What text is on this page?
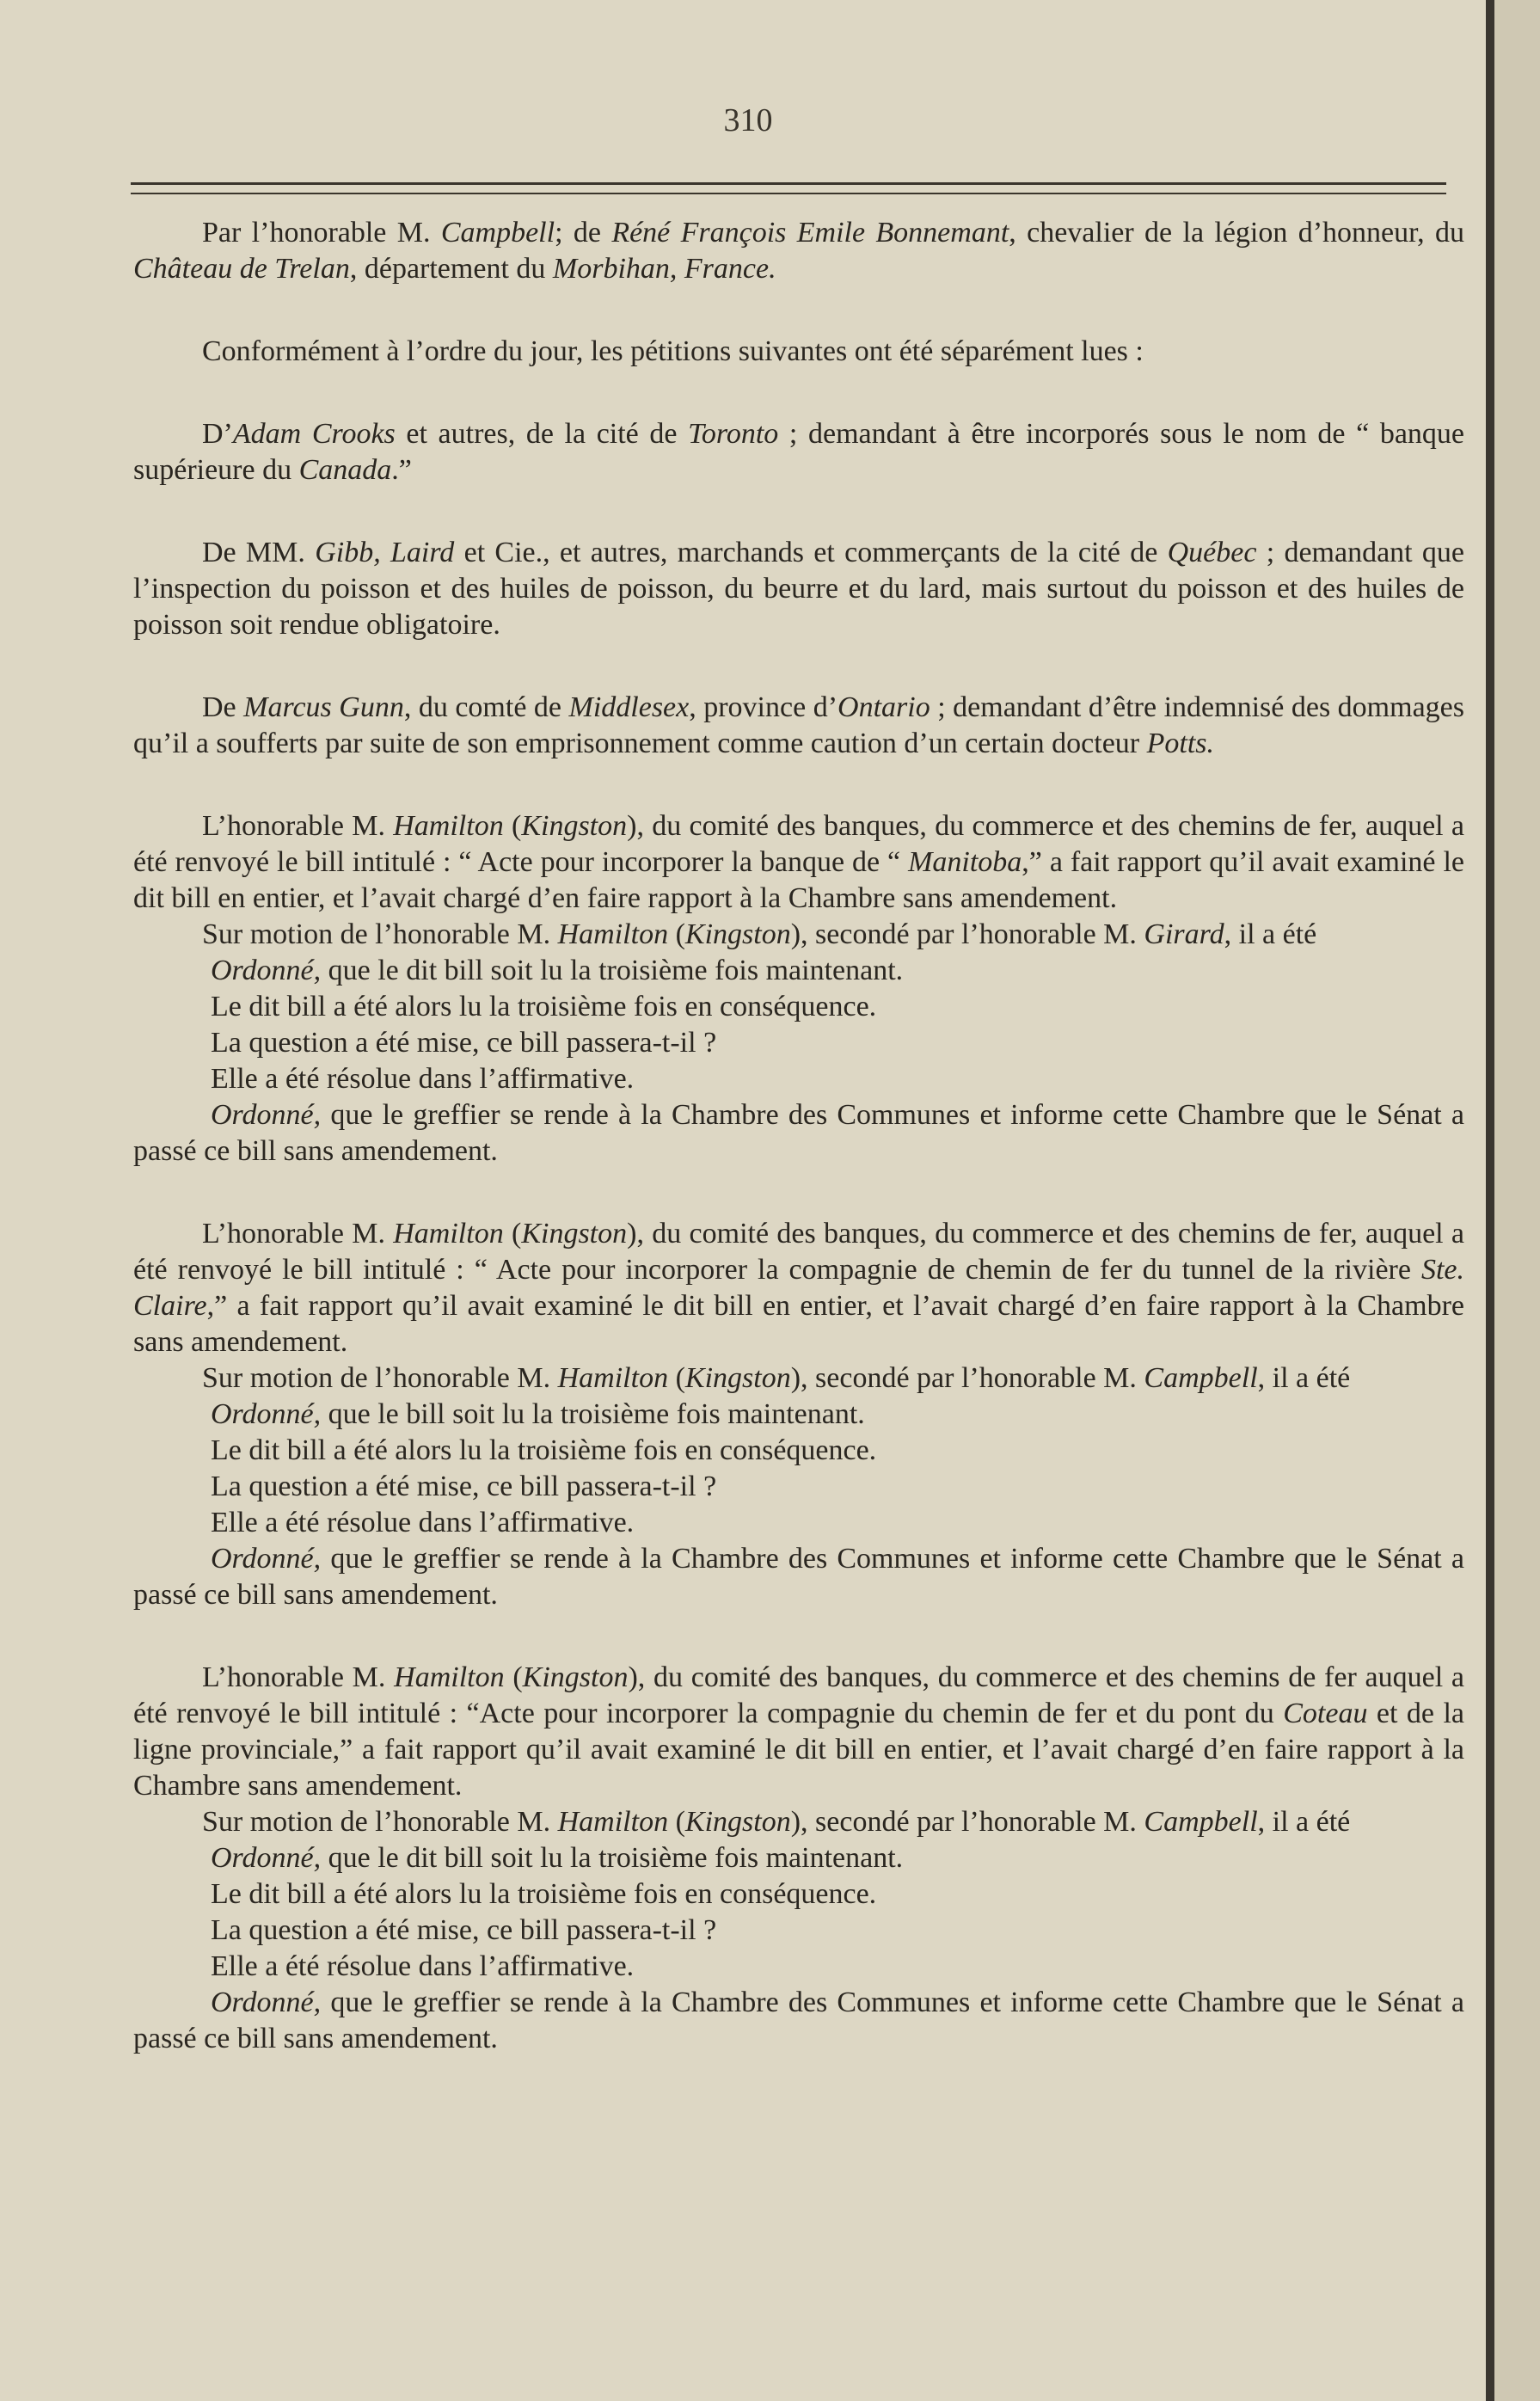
310

Par l’honorable M. Campbell; de Réné François Emile Bonnemant, chevalier de la légion d’honneur, du Château de Trelan, département du Morbihan, France.

Conformément à l’ordre du jour, les pétitions suivantes ont été séparément lues :

D’Adam Crooks et autres, de la cité de Toronto ; demandant à être incorporés sous le nom de “ banque supérieure du Canada.”

De MM. Gibb, Laird et Cie., et autres, marchands et commerçants de la cité de Québec ; demandant que l’inspection du poisson et des huiles de poisson, du beurre et du lard, mais surtout du poisson et des huiles de poisson soit rendue obligatoire.

De Marcus Gunn, du comté de Middlesex, province d’Ontario ; demandant d’être indemnisé des dommages qu’il a soufferts par suite de son emprisonnement comme caution d’un certain docteur Potts.

L’honorable M. Hamilton (Kingston), du comité des banques, du commerce et des chemins de fer, auquel a été renvoyé le bill intitulé : “ Acte pour incorporer la banque de “ Manitoba,” a fait rapport qu’il avait examiné le dit bill en entier, et l’avait chargé d’en faire rapport à la Chambre sans amendement.

Sur motion de l’honorable M. Hamilton (Kingston), secondé par l’honorable M. Girard, il a été

Ordonné, que le dit bill soit lu la troisième fois maintenant.

Le dit bill a été alors lu la troisième fois en conséquence.

La question a été mise, ce bill passera-t-il ?

Elle a été résolue dans l’affirmative.

Ordonné, que le greffier se rende à la Chambre des Communes et informe cette Chambre que le Sénat a passé ce bill sans amendement.

L’honorable M. Hamilton (Kingston), du comité des banques, du commerce et des chemins de fer, auquel a été renvoyé le bill intitulé : “ Acte pour incorporer la compagnie de chemin de fer du tunnel de la rivière Ste. Claire,” a fait rapport qu’il avait examiné le dit bill en entier, et l’avait chargé d’en faire rapport à la Chambre sans amendement.

Sur motion de l’honorable M. Hamilton (Kingston), secondé par l’honorable M. Campbell, il a été

Ordonné, que le bill soit lu la troisième fois maintenant.

Le dit bill a été alors lu la troisième fois en conséquence.

La question a été mise, ce bill passera-t-il ?

Elle a été résolue dans l’affirmative.

Ordonné, que le greffier se rende à la Chambre des Communes et informe cette Chambre que le Sénat a passé ce bill sans amendement.

L’honorable M. Hamilton (Kingston), du comité des banques, du commerce et des chemins de fer auquel a été renvoyé le bill intitulé : “Acte pour incorporer la compagnie du chemin de fer et du pont du Coteau et de la ligne provinciale,” a fait rapport qu’il avait examiné le dit bill en entier, et l’avait chargé d’en faire rapport à la Chambre sans amendement.

Sur motion de l’honorable M. Hamilton (Kingston), secondé par l’honorable M. Campbell, il a été

Ordonné, que le dit bill soit lu la troisième fois maintenant.

Le dit bill a été alors lu la troisième fois en conséquence.

La question a été mise, ce bill passera-t-il ?

Elle a été résolue dans l’affirmative.

Ordonné, que le greffier se rende à la Chambre des Communes et informe cette Chambre que le Sénat a passé ce bill sans amendement.
